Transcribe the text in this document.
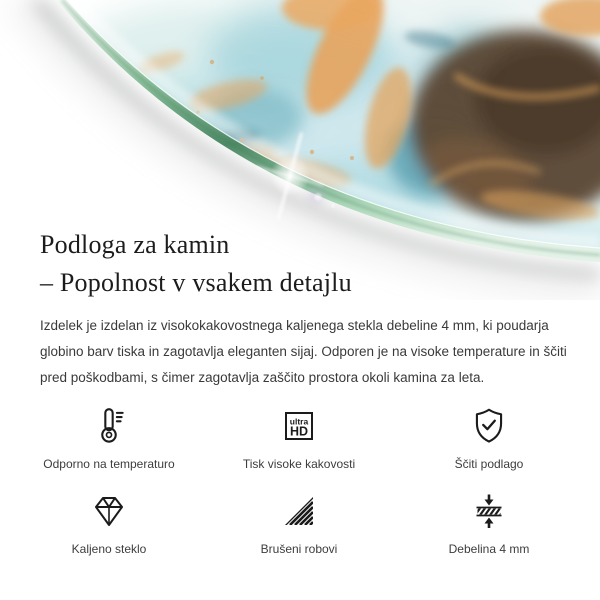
Podloga za kamin
– Popolnost v vsakem detajlu
Izdelek je izdelan iz visokokakovostnega kaljenega stekla debeline 4 mm, ki poudarja globino barv tiska in zagotavlja eleganten sijaj. Odporen je na visoke temperature in ščiti pred poškodbami, s čimer zagotavlja zaščito prostora okoli kamina za leta.
Odporno na temperaturo
ultra
HD
Tisk visoke kakovosti	Ščiti podlago
Kaljeno steklo	Brušeni robovi	Debelina 4 mm
